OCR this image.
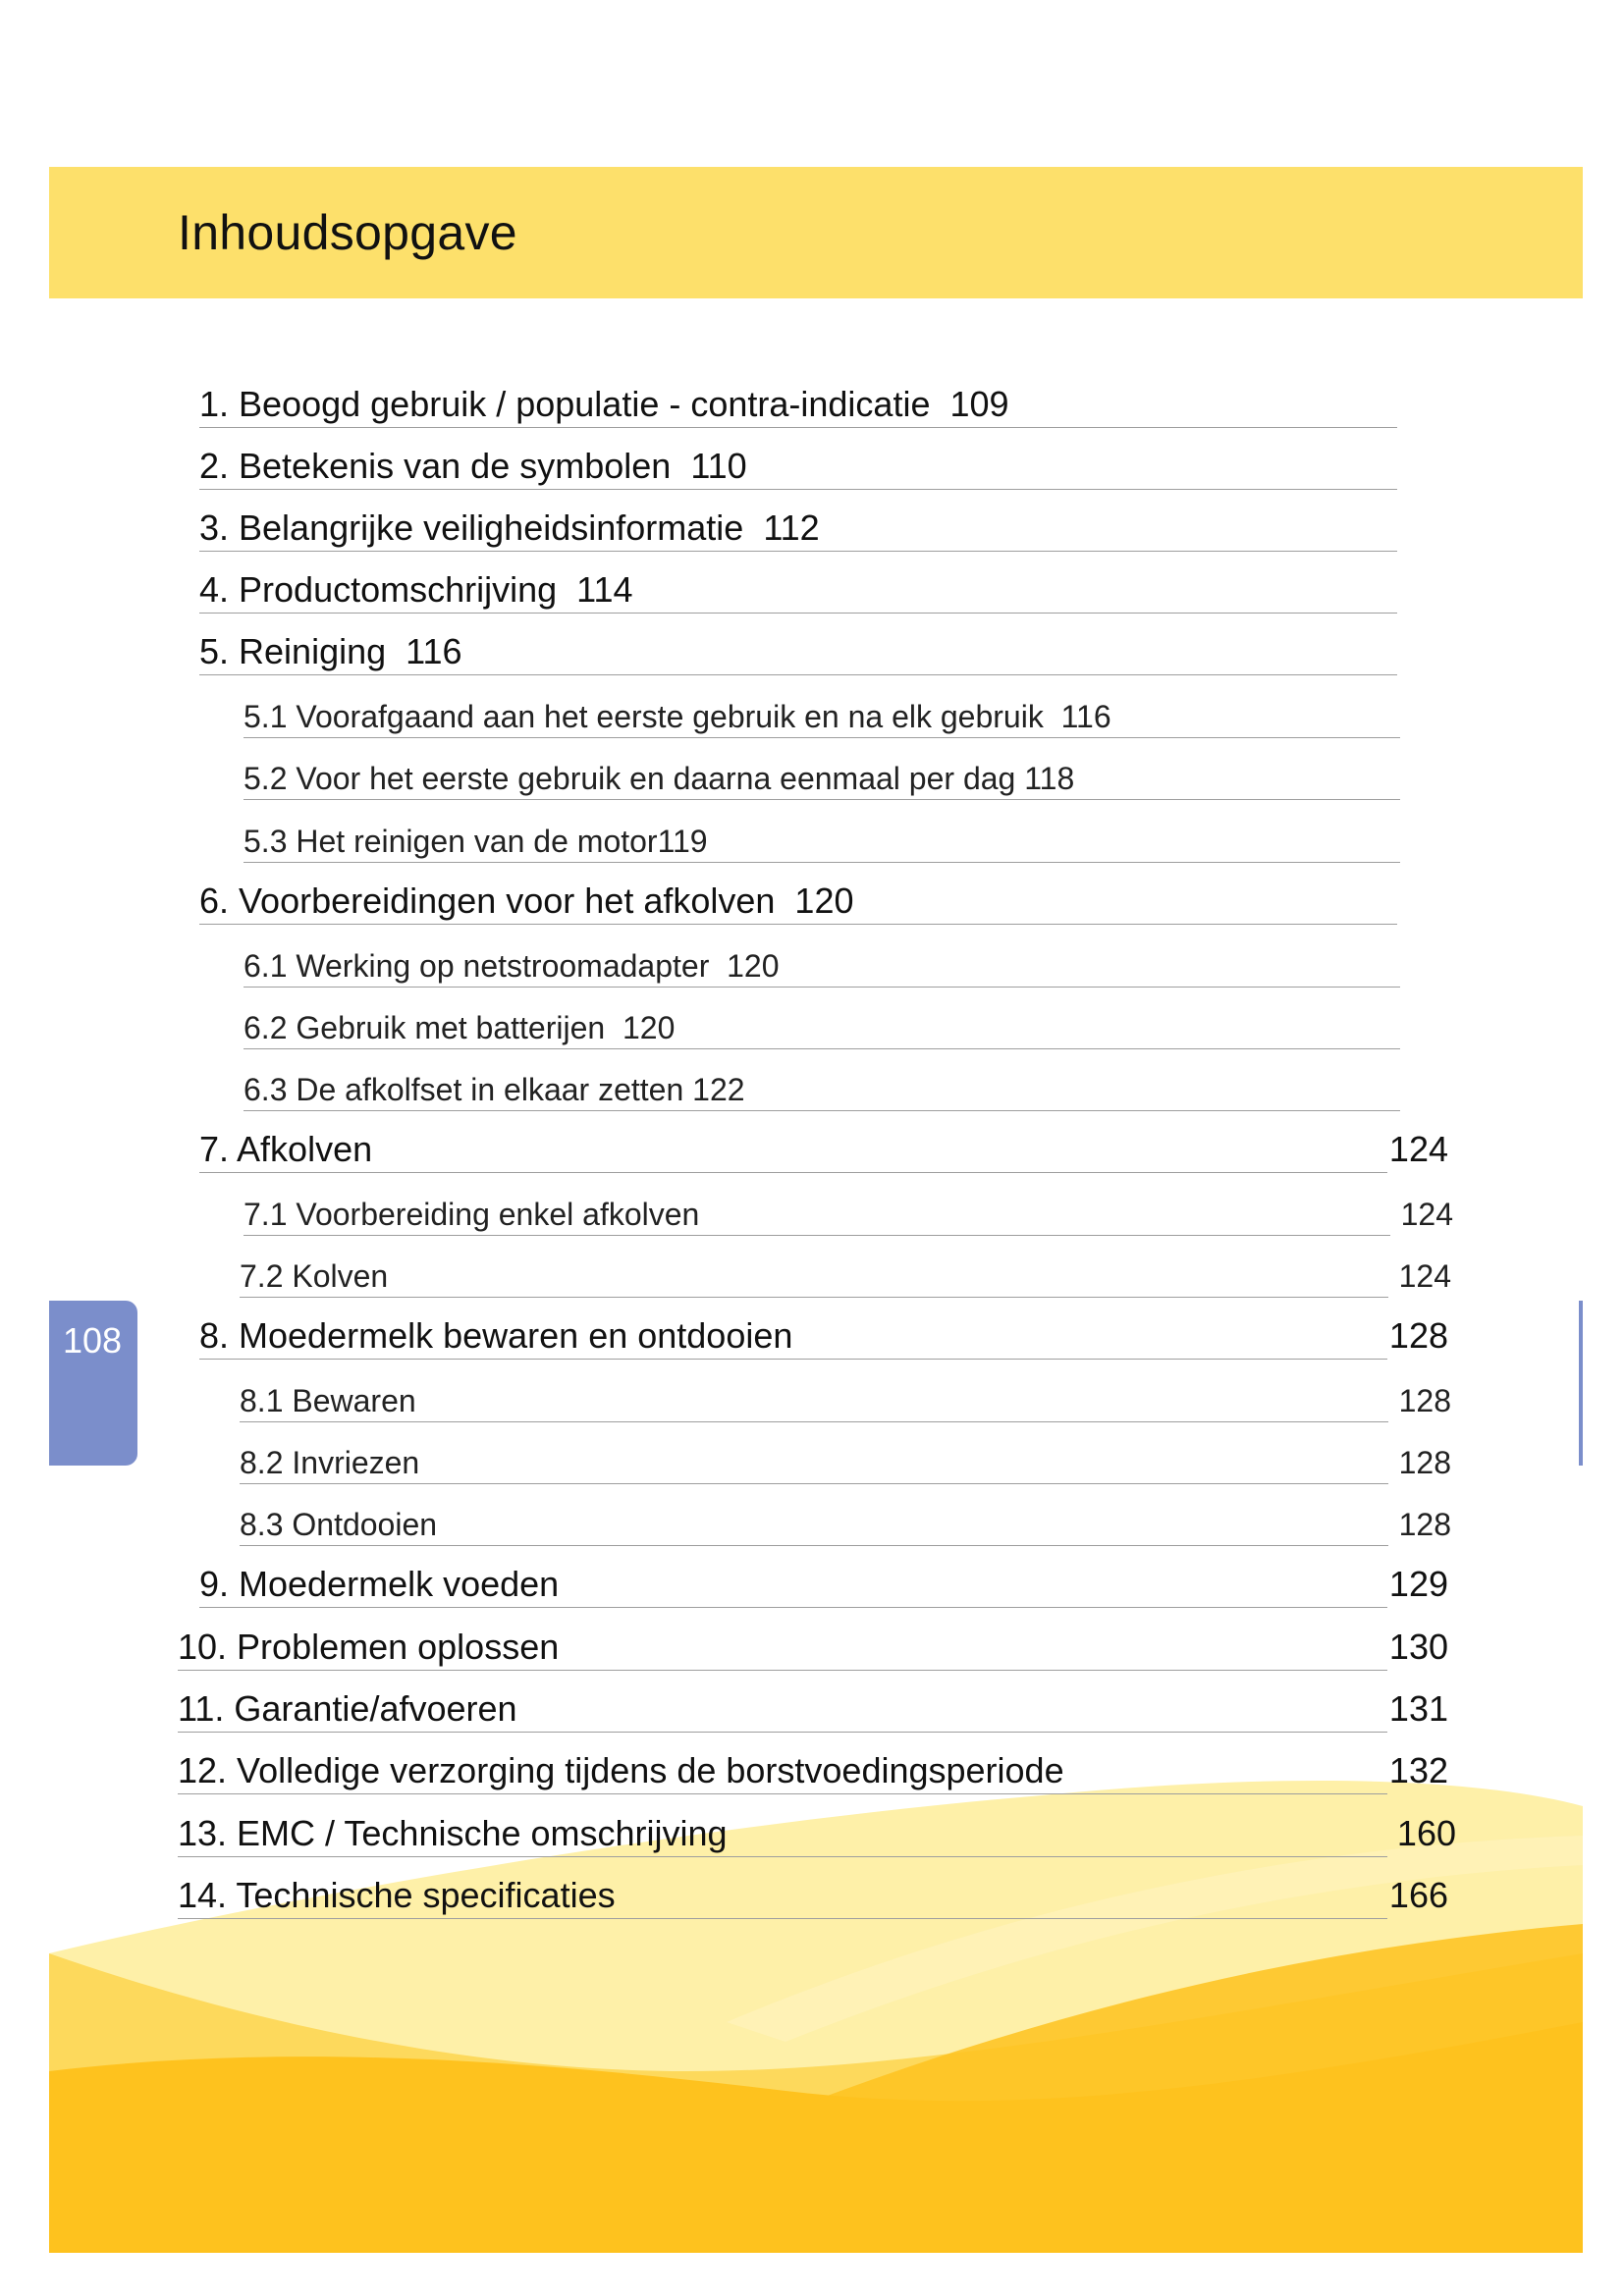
Inhoudsopgave
108
1. Beoogd gebruik / populatie - contra-indicatie 109
2. Betekenis van de symbolen 110
3. Belangrijke veiligheidsinformatie 112
4. Productomschrijving 114
5. Reiniging 116
5.1 Voorafgaand aan het eerste gebruik en na elk gebruik 116
5.2 Voor het eerste gebruik en daarna eenmaal per dag 118
5.3 Het reinigen van de motor119
6. Voorbereidingen voor het afkolven 120
6.1 Werking op netstroomadapter 120
6.2 Gebruik met batterijen 120
6.3 De afkolfset in elkaar zetten 122
7. Afkolven	124
7.1 Voorbereiding enkel afkolven	124
7.2 Kolven	124
8. Moedermelk bewaren en ontdooien	128
8.1 Bewaren	128
8.2 Invriezen	128
8.3 Ontdooien	128
9. Moedermelk voeden	129
10. Problemen oplossen	130
11. Garantie/afvoeren	131
12. Volledige verzorging tijdens de borstvoedingsperiode	132
13. EMC / Technische omschrijving	160
14. Technische specificaties	166
